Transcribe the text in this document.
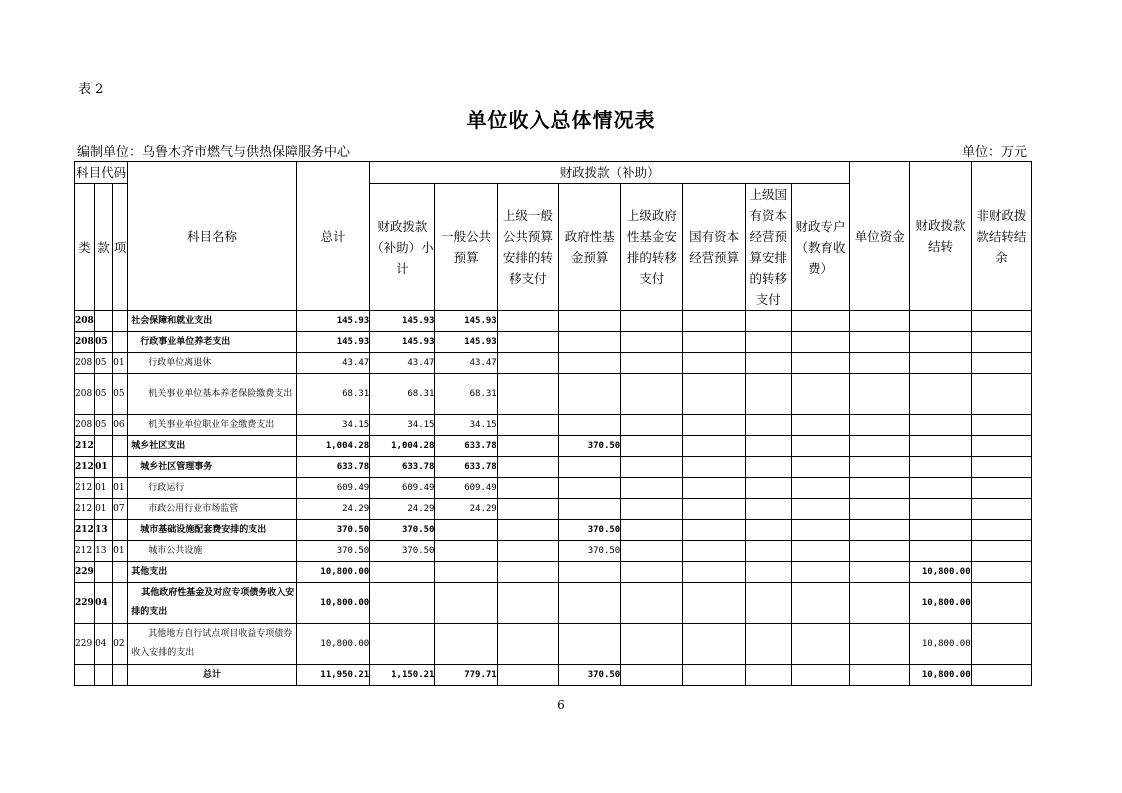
表 2
单位收入总体情况表
编制单位：乌鲁木齐市燃气与供热保障服务中心	单位：万元
科目代码			科目名称	总计	财政拨款（补助）								单位资金	财政拨款结转	非财政拨款结转结余
类	款	项			财政拨款（补助）小计	一般公共预算	上级一般公共预算安排的转移支付	政府性基金预算	上级政府性基金安排的转移支付	国有资本经营预算	上级国有资本经营预算安排的转移支付	财政专户（教育收费）			
208			社会保障和就业支出	145.93	145.93	145.93									
208	05		行政事业单位养老支出	145.93	145.93	145.93									
208	05	01	行政单位离退休	43.47	43.47	43.47									
208	05	05	机关事业单位基本养老保险缴费支出	68.31	68.31	68.31									
208	05	06	机关事业单位职业年金缴费支出	34.15	34.15	34.15									
212			城乡社区支出	1,004.28	1,004.28	633.78		370.50							
212	01		城乡社区管理事务	633.78	633.78	633.78									
212	01	01	行政运行	609.49	609.49	609.49									
212	01	07	市政公用行业市场监管	24.29	24.29	24.29									
212	13		城市基础设施配套费安排的支出	370.50	370.50			370.50							
212	13	01	城市公共设施	370.50	370.50			370.50							
229			其他支出	10,800.00										10,800.00	
229	04		其他政府性基金及对应专项债务收入安排的支出	10,800.00										10,800.00	
229	04	02	其他地方自行试点项目收益专项债券收入安排的支出	10,800.00										10,800.00	
			总计	11,950.21	1,150.21	779.71		370.50						10,800.00	
6
